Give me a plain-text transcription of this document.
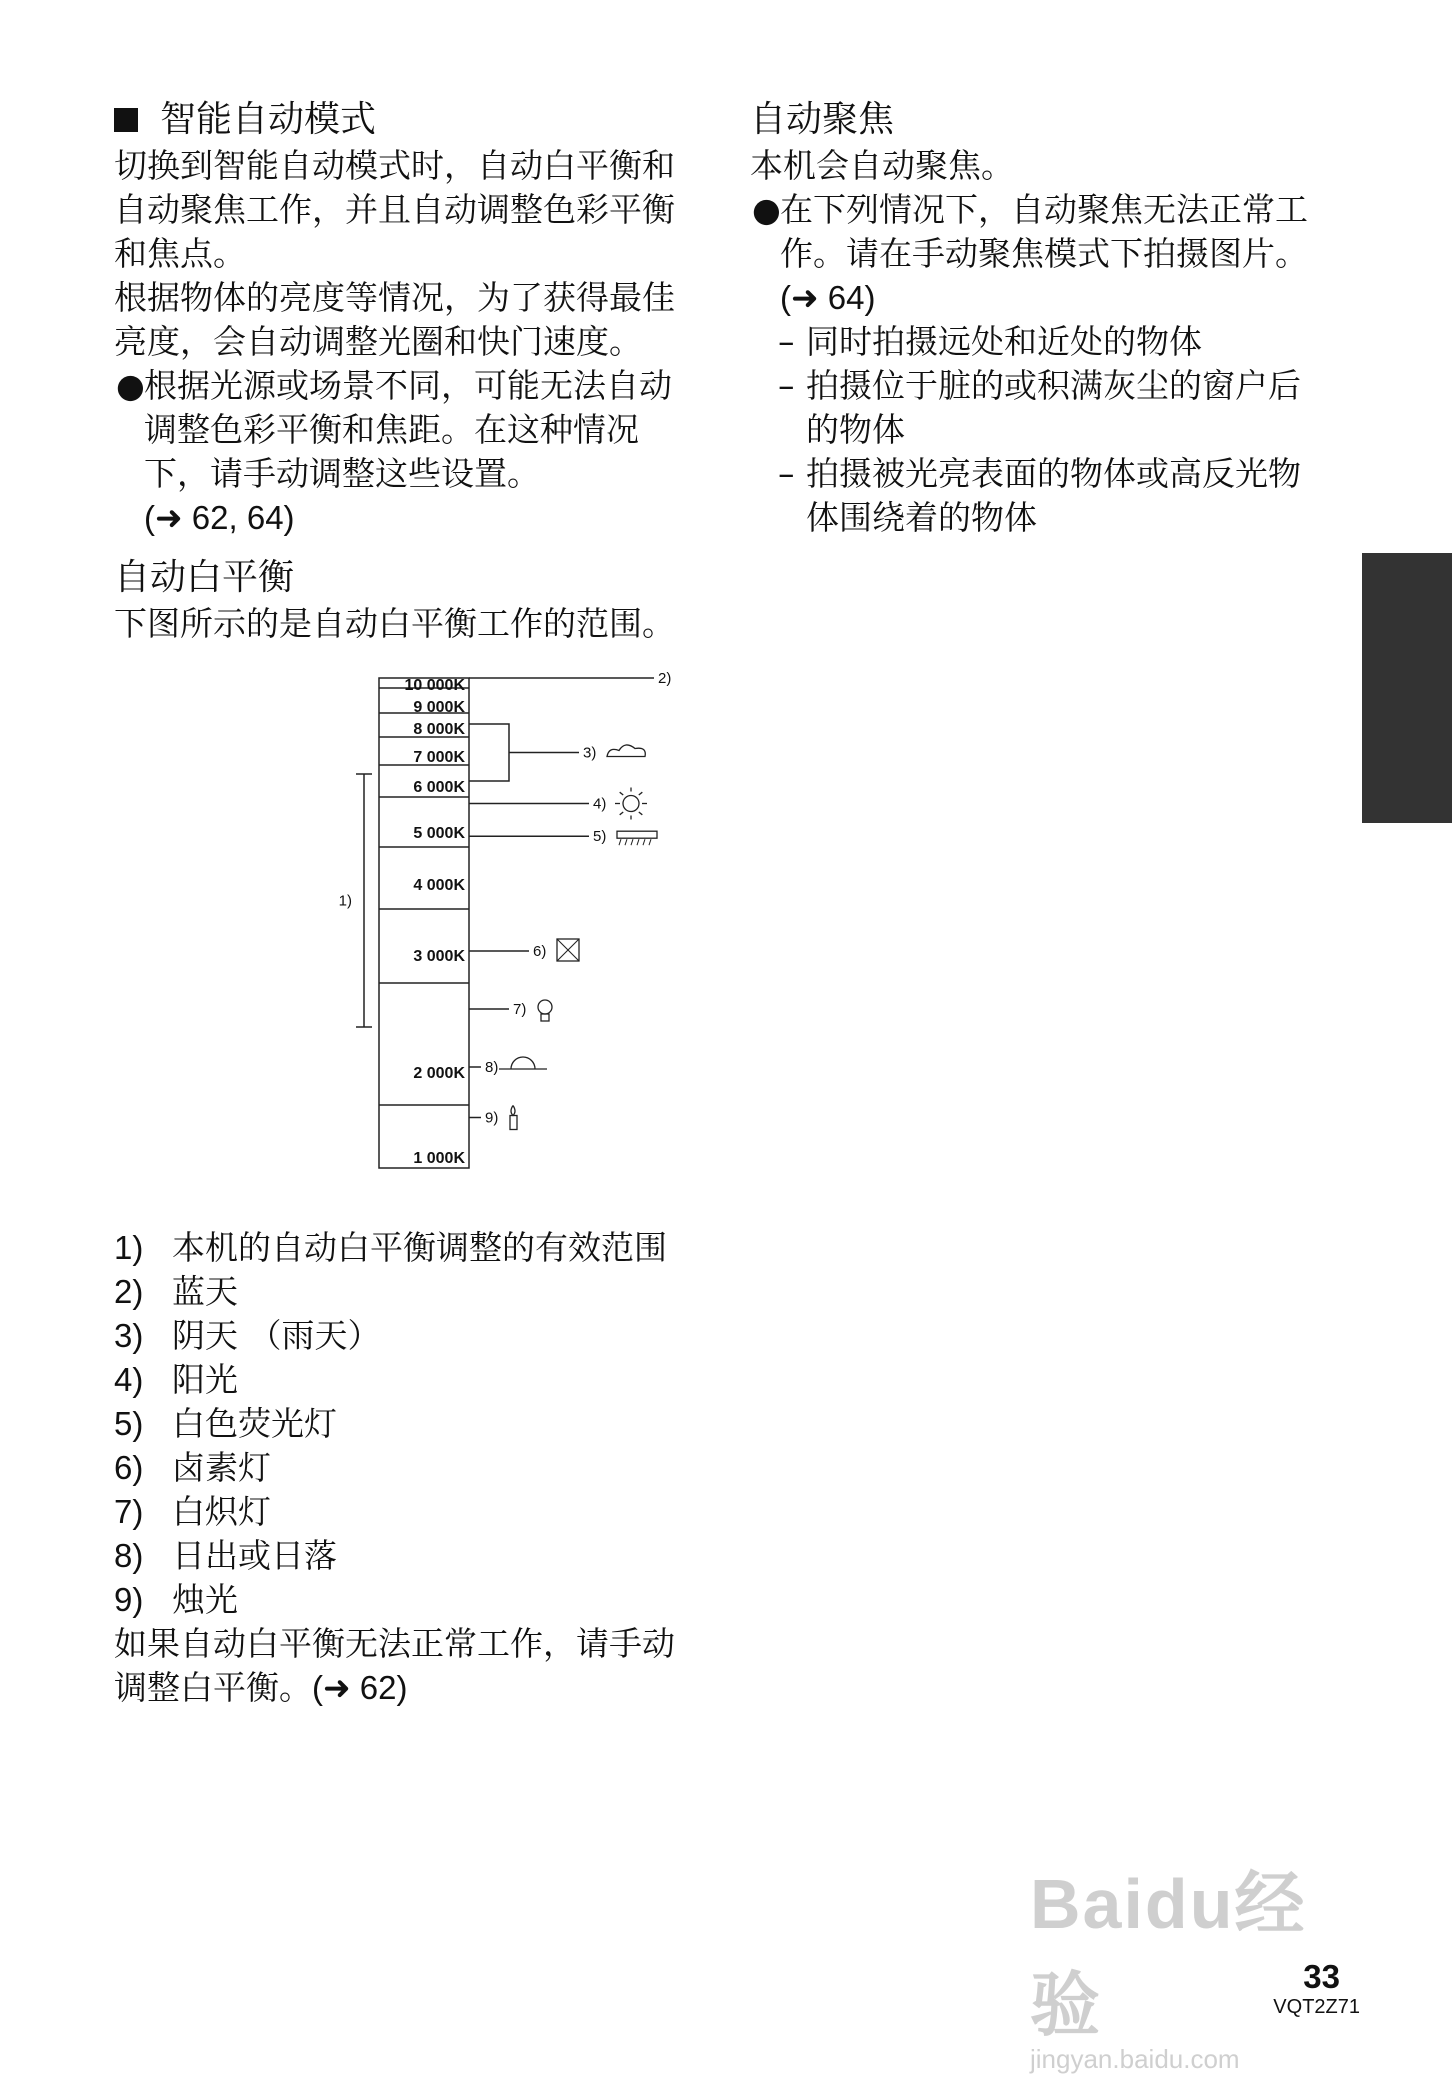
智能自动模式

切换到智能自动模式时，自动白平衡和自动聚焦工作，并且自动调整色彩平衡和焦点。

根据物体的亮度等情况，为了获得最佳亮度，会自动调整光圈和快门速度。

● 根据光源或场景不同，可能无法自动调整色彩平衡和焦距。在这种情况下，请手动调整这些设置。
(➜ 62, 64)
自动白平衡

下图所示的是自动白平衡工作的范围。

10 000K
9 000K
8 000K
7 000K
6 000K
5 000K
4 000K
3 000K
2 000K
1 000K
1)
2)
3)
4)
5)
6)
7)
8)
9)
1) 本机的自动白平衡调整的有效范围
2) 蓝天
3) 阴天 （雨天）
4) 阳光
5) 白色荧光灯
6) 卤素灯
7) 白炽灯
8) 日出或日落
9) 烛光

如果自动白平衡无法正常工作，请手动调整白平衡。(➜ 62)

自动聚焦

本机会自动聚焦。

● 在下列情况下，自动聚焦无法正常工作。请在手动聚焦模式下拍摄图片。(➜ 64)
– 同时拍摄远处和近处的物体
– 拍摄位于脏的或积满灰尘的窗户后的物体
– 拍摄被光亮表面的物体或高反光物体围绕着的物体
Baidu经验
jingyan.baidu.com
33
VQT2Z71
